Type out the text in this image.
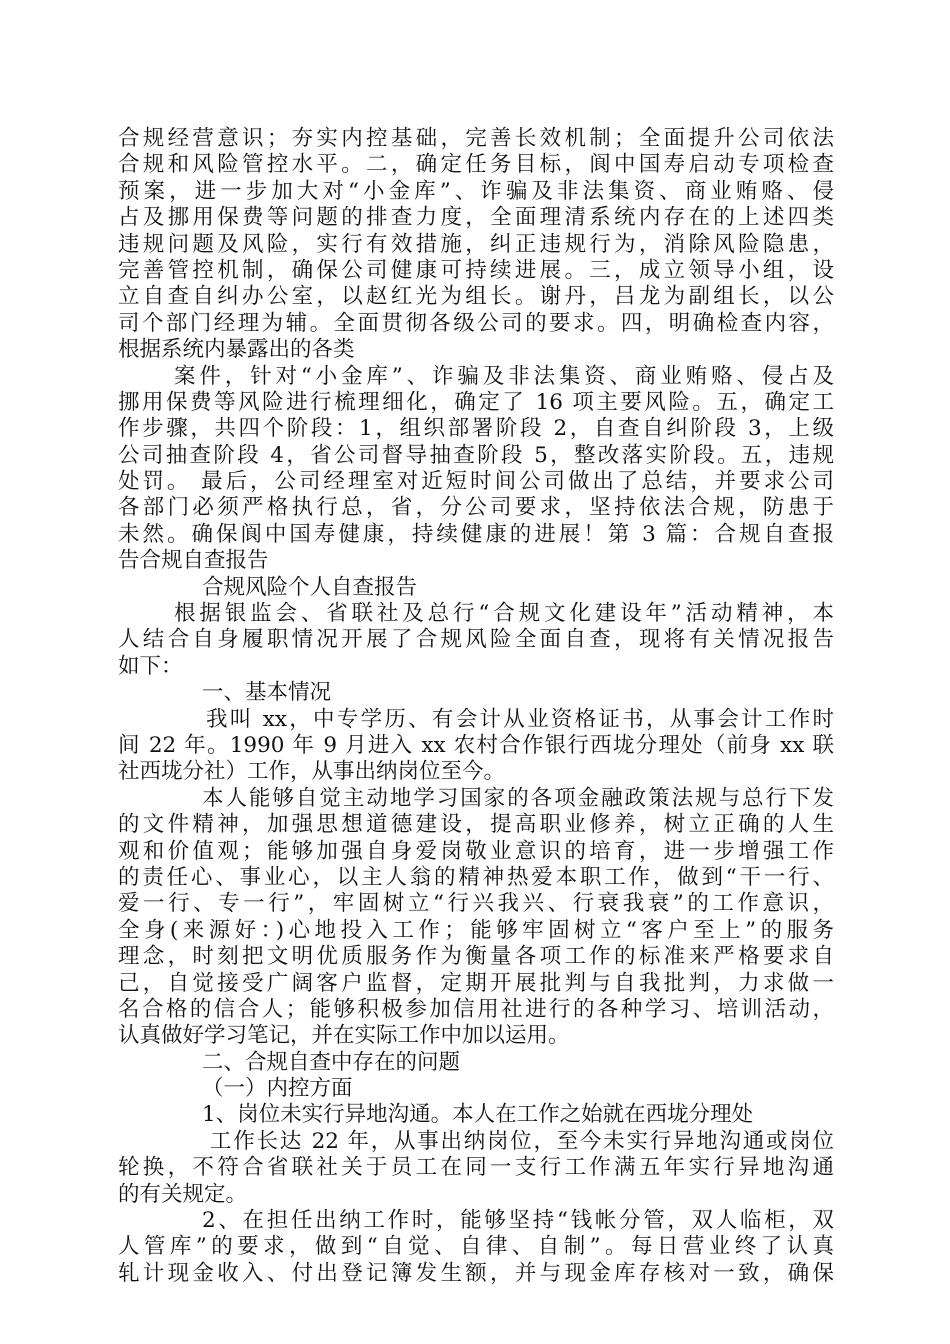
合规经营意识；夯实内控基础，完善长效机制；全面提升公司依法
合规和风险管控水平。二，确定任务目标，阆中国寿启动专项检查
预案，进一步加大对“小金库”、诈骗及非法集资、商业贿赂、侵
占及挪用保费等问题的排查力度，全面理清系统内存在的上述四类
违规问题及风险，实行有效措施，纠正违规行为，消除风险隐患，
完善管控机制，确保公司健康可持续进展。三，成立领导小组，设
立自查自纠办公室，以赵红光为组长。谢丹，吕龙为副组长，以公
司个部门经理为辅。全面贯彻各级公司的要求。四，明确检查内容，
根据系统内暴露出的各类
案件，针对“小金库”、诈骗及非法集资、商业贿赂、侵占及
挪用保费等风险进行梳理细化，确定了 16 项主要风险。五，确定工
作步骤，共四个阶段：1，组织部署阶段 2，自查自纠阶段 3，上级
公司抽查阶段 4，省公司督导抽查阶段 5，整改落实阶段。五，违规
处罚。 最后，公司经理室对近短时间公司做出了总结，并要求公司
各部门必须严格执行总，省，分公司要求，坚持依法合规，防患于
未然。确保阆中国寿健康，持续健康的进展！第 3 篇：合规自查报
告合规自查报告
合规风险个人自查报告
根据银监会、省联社及总行“合规文化建设年”活动精神，本
人结合自身履职情况开展了合规风险全面自查，现将有关情况报告
如下：
一、基本情况
我叫 xx，中专学历、有会计从业资格证书，从事会计工作时
间 22 年。1990 年 9 月进入 xx 农村合作银行西垅分理处（前身 xx 联
社西垅分社）工作，从事出纳岗位至今。
本人能够自觉主动地学习国家的各项金融政策法规与总行下发
的文件精神，加强思想道德建设，提高职业修养，树立正确的人生
观和价值观；能够加强自身爱岗敬业意识的培育，进一步增强工作
的责任心、事业心，以主人翁的精神热爱本职工作，做到“干一行、
爱一行、专一行”，牢固树立“行兴我兴、行衰我衰”的工作意识，
全身(来源好：)心地投入工作；能够牢固树立“客户至上”的服务
理念，时刻把文明优质服务作为衡量各项工作的标准来严格要求自
己，自觉接受广阔客户监督，定期开展批判与自我批判，力求做一
名合格的信合人；能够积极参加信用社进行的各种学习、培训活动，
认真做好学习笔记，并在实际工作中加以运用。
二、合规自查中存在的问题
（一）内控方面
1、岗位未实行异地沟通。本人在工作之始就在西垅分理处
工作长达 22 年，从事出纳岗位，至今未实行异地沟通或岗位
轮换，不符合省联社关于员工在同一支行工作满五年实行异地沟通
的有关规定。
2、在担任出纳工作时，能够坚持“钱帐分管，双人临柜，双
人管库”的要求，做到“自觉、自律、自制”。每日营业终了认真
轧计现金收入、付出登记簿发生额，并与现金库存核对一致，确保
